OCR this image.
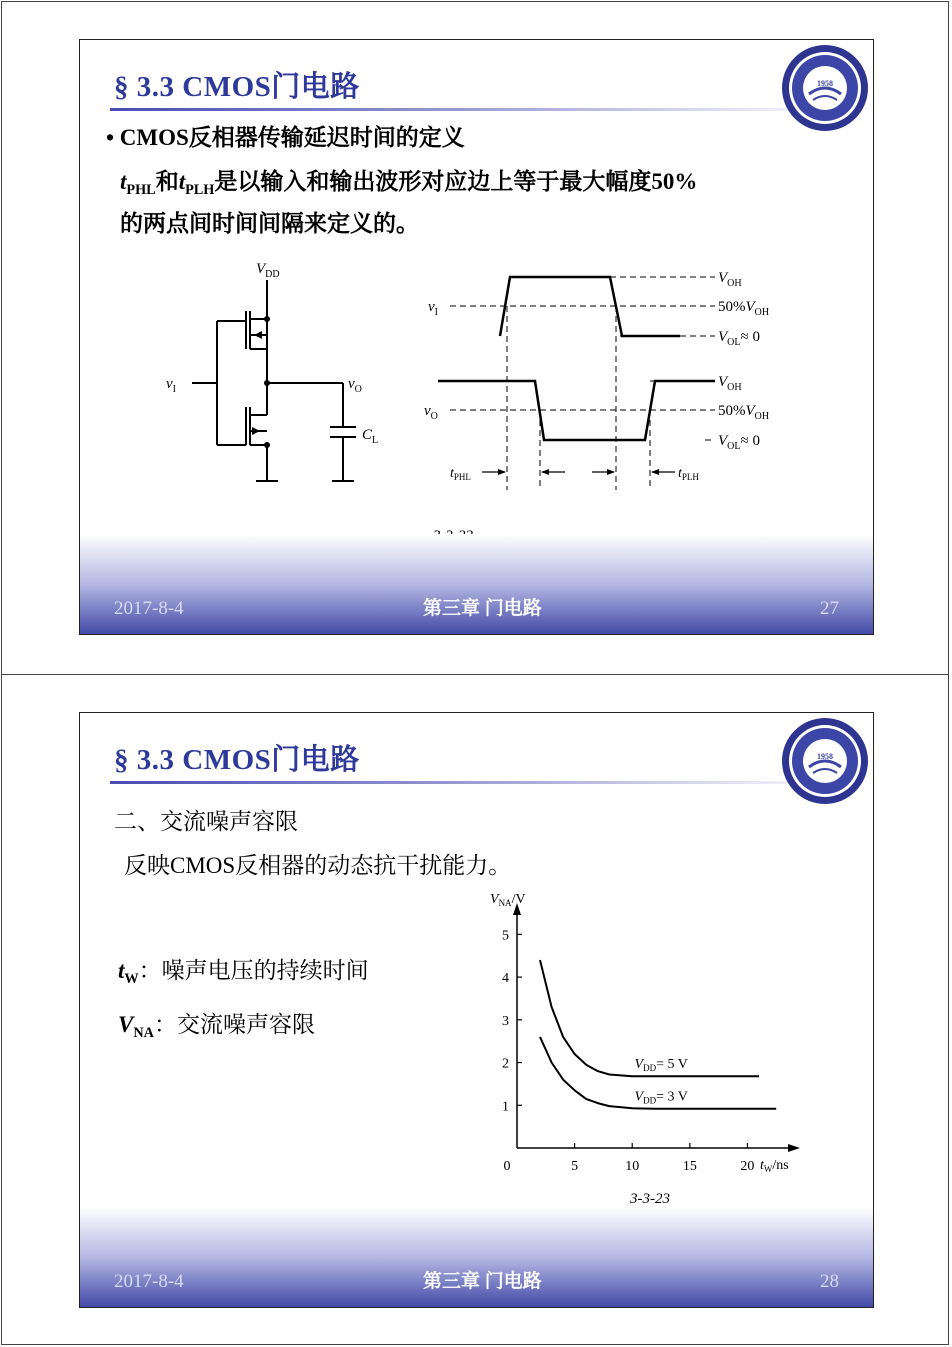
§ 3.3 CMOS门电路	1958
• CMOS反相器传输延迟时间的定义
$t_{PHL}$和$t_{PLH}$是以输入和输出波形对应边上等于最大幅度50%
的两点间时间间隔来定义的。
$V_{DD}$
$v_I$	$v_O$
$C_L$
$v_I$
$v_O$
$V_{OH}$
$50\%V_{OH}$
$V_{OL}\approx 0$
$V_{OH}$
$50\%V_{OH}$
$V_{OL}\approx 0$
$t_{PHL}$	$t_{PLH}$
2017-8-4	第三章 门电路	27
§ 3.3 CMOS门电路	1958
二、交流噪声容限
反映CMOS反相器的动态抗干扰能力。
$t_W$：噪声电压的持续时间
$V_{NA}$：交流噪声容限
$V_{NA}/V$
$t_W/ns$
0	5	10	15	20
1
2
3
4
5
$V_{DD}= 5$ V
$V_{DD}= 3$ V
3-3-23
2017-8-4	第三章 门电路	28
